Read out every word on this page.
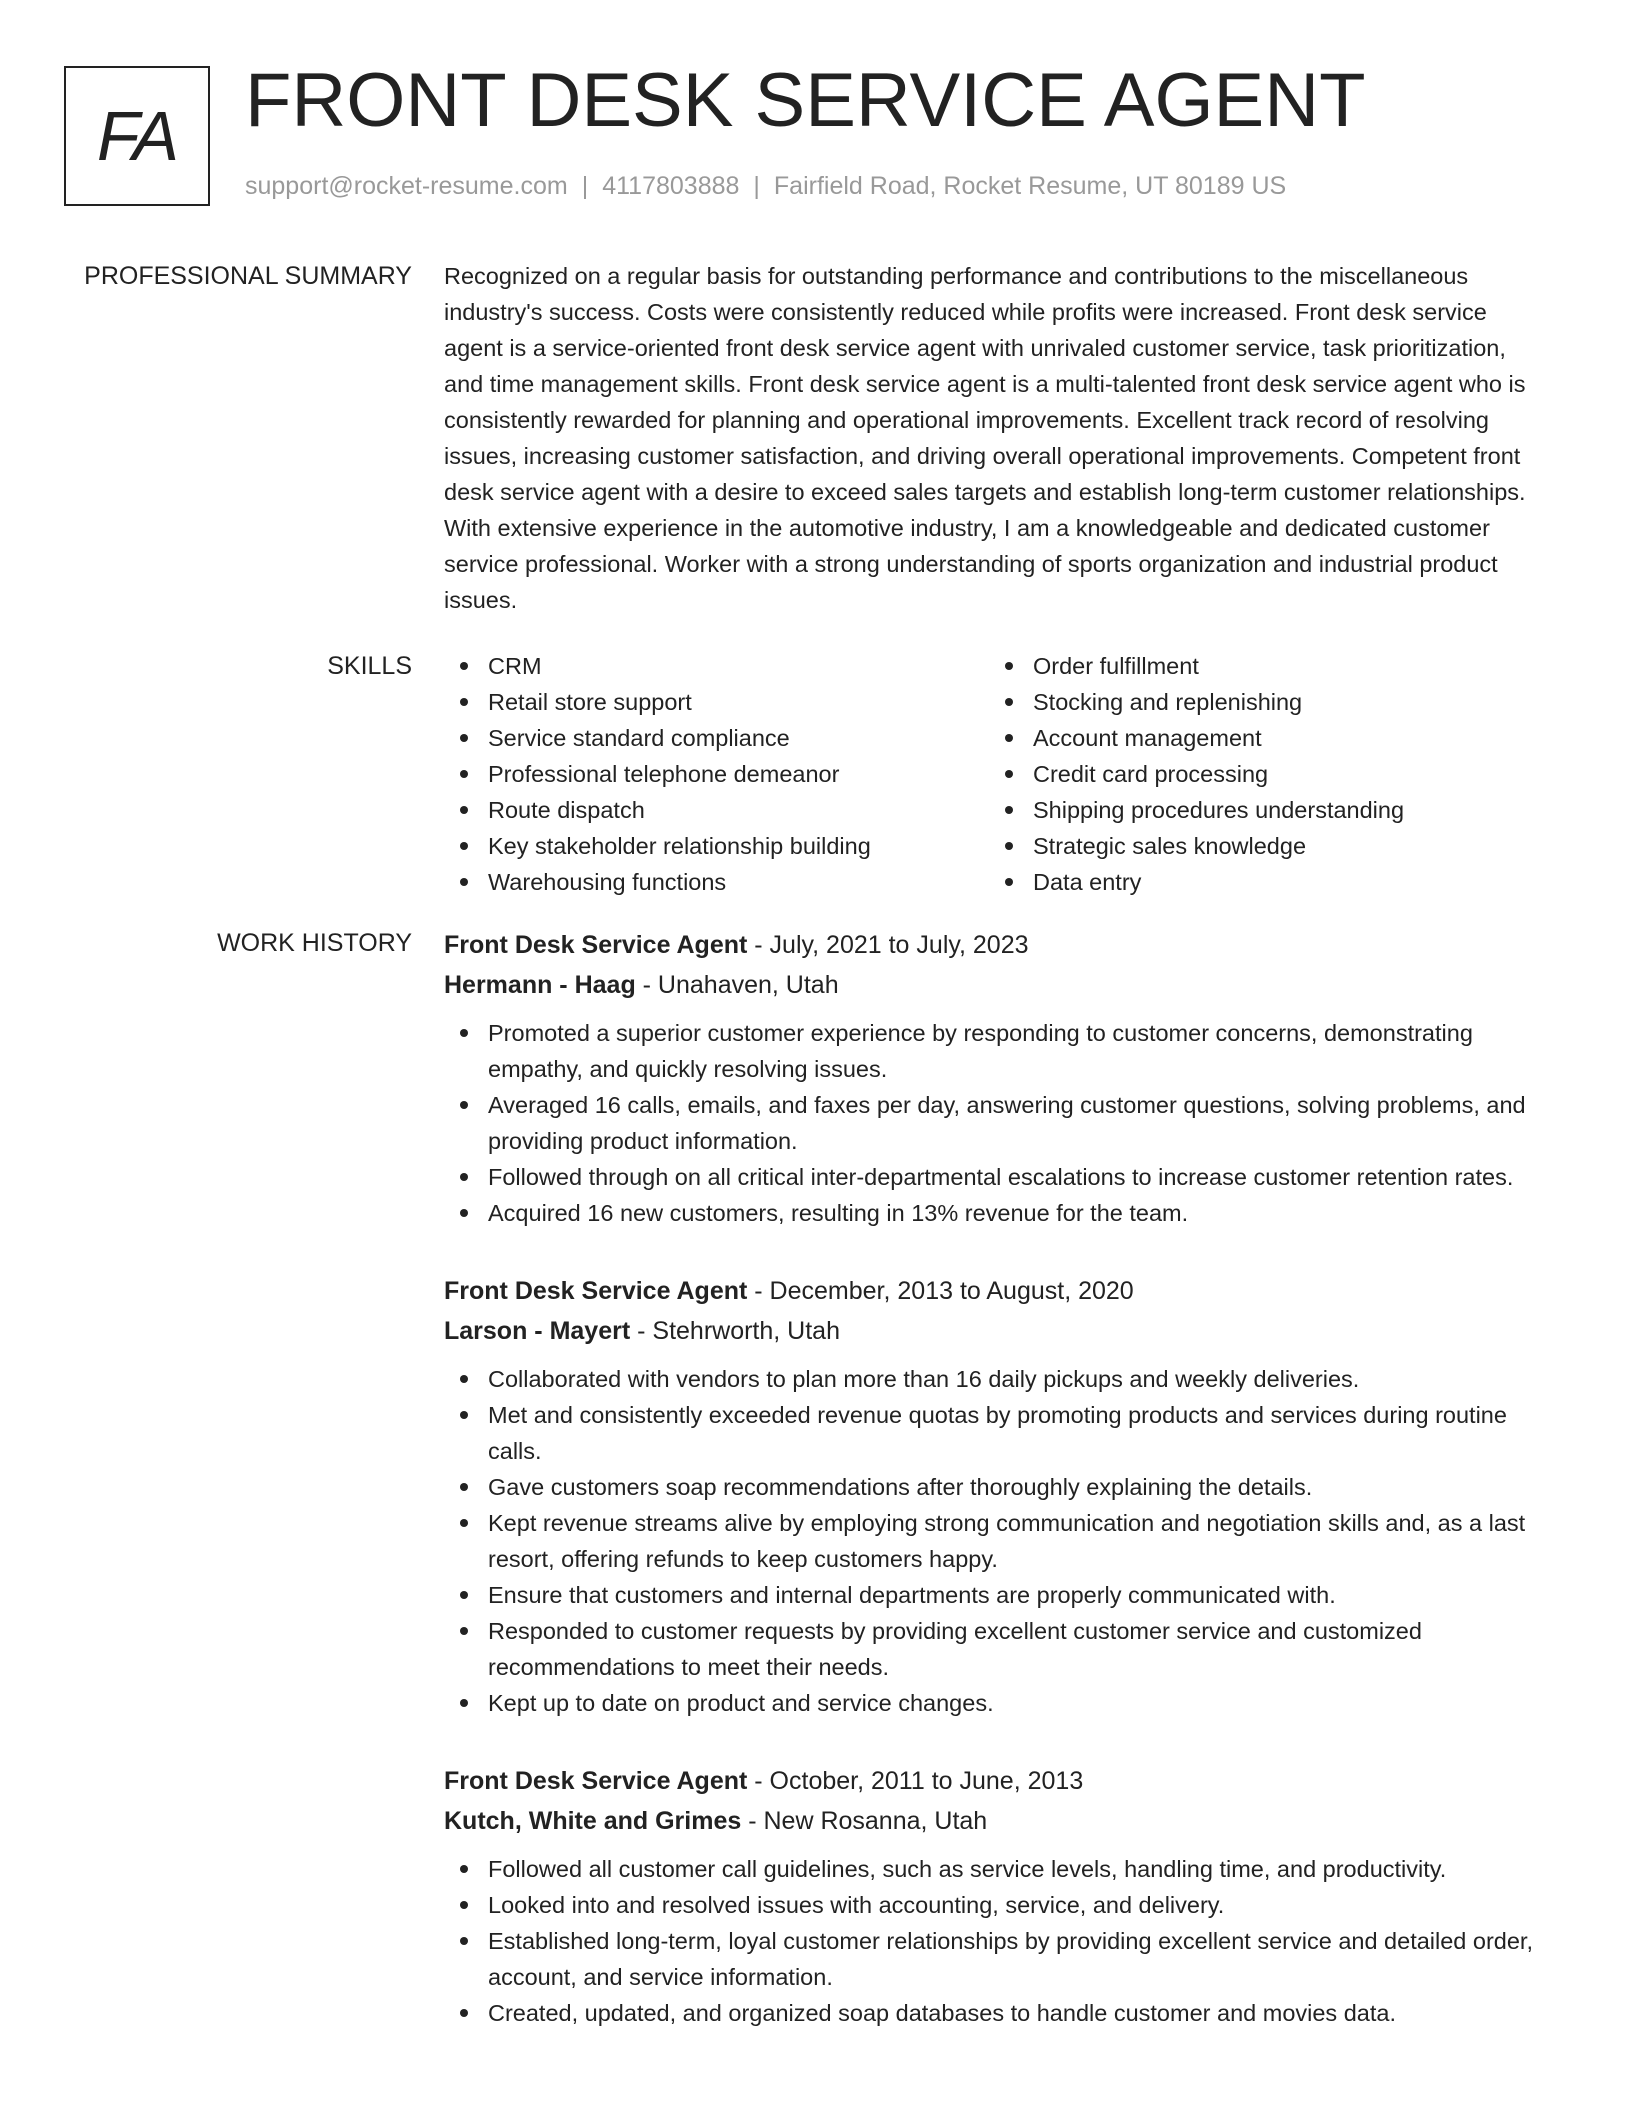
FA FRONT DESK SERVICE AGENT
support@rocket-resume.com | 4117803888 | Fairfield Road, Rocket Resume, UT 80189 US
PROFESSIONAL SUMMARY Recognized on a regular basis for outstanding performance and contributions to the miscellaneous industry's success. Costs were consistently reduced while profits were increased. Front desk service agent is a service-oriented front desk service agent with unrivaled customer service, task prioritization, and time management skills. Front desk service agent is a multi-talented front desk service agent who is consistently rewarded for planning and operational improvements. Excellent track record of resolving issues, increasing customer satisfaction, and driving overall operational improvements. Competent front desk service agent with a desire to exceed sales targets and establish long-term customer relationships. With extensive experience in the automotive industry, I am a knowledgeable and dedicated customer service professional. Worker with a strong understanding of sports organization and industrial product issues.

SKILLS	CRM
Retail store support
Service standard compliance
Professional telephone demeanor
Route dispatch
Key stakeholder relationship building
Warehousing functions
Order fulfillment
Stocking and replenishing
Account management
Credit card processing
Shipping procedures understanding
Strategic sales knowledge
Data entry
WORK HISTORY Front Desk Service Agent - July, 2021 to July, 2023
Hermann - Haag - Unahaven, Utah
Promoted a superior customer experience by responding to customer concerns, demonstrating empathy, and quickly resolving issues.
Averaged 16 calls, emails, and faxes per day, answering customer questions, solving problems, and providing product information.
Followed through on all critical inter-departmental escalations to increase customer retention rates.
Acquired 16 new customers, resulting in 13% revenue for the team.
Front Desk Service Agent - December, 2013 to August, 2020
Larson - Mayert - Stehrworth, Utah
Collaborated with vendors to plan more than 16 daily pickups and weekly deliveries.
Met and consistently exceeded revenue quotas by promoting products and services during routine calls.
Gave customers soap recommendations after thoroughly explaining the details.
Kept revenue streams alive by employing strong communication and negotiation skills and, as a last resort, offering refunds to keep customers happy.
Ensure that customers and internal departments are properly communicated with.
Responded to customer requests by providing excellent customer service and customized recommendations to meet their needs.
Kept up to date on product and service changes.
Front Desk Service Agent - October, 2011 to June, 2013
Kutch, White and Grimes - New Rosanna, Utah
Followed all customer call guidelines, such as service levels, handling time, and productivity.
Looked into and resolved issues with accounting, service, and delivery.
Established long-term, loyal customer relationships by providing excellent service and detailed order, account, and service information.
Created, updated, and organized soap databases to handle customer and movies data.
